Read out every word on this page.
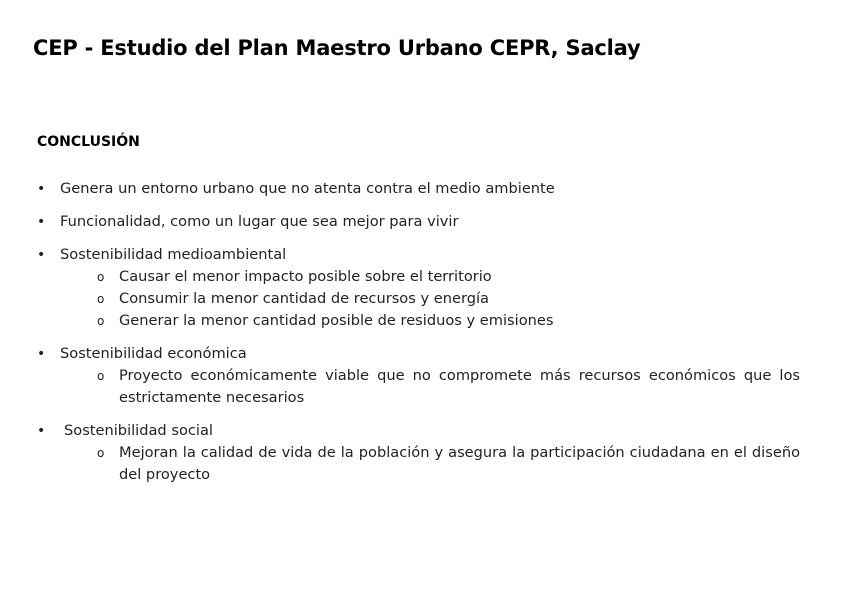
CEP - Estudio del Plan Maestro Urbano CEPR, Saclay
CONCLUSIÓN
• Genera un entorno urbano que no atenta contra el medio ambiente
• Funcionalidad, como un lugar que sea mejor para vivir
• Sostenibilidad medioambiental
o Causar el menor impacto posible sobre el territorio
o Consumir la menor cantidad de recursos y energía
o Generar la menor cantidad posible de residuos y emisiones
• Sostenibilidad económica
o Proyecto económicamente viable que no compromete más recursos económicos que los estrictamente necesarios
• Sostenibilidad social
o Mejoran la calidad de vida de la población y asegura la participación ciudadana en el diseño del proyecto
